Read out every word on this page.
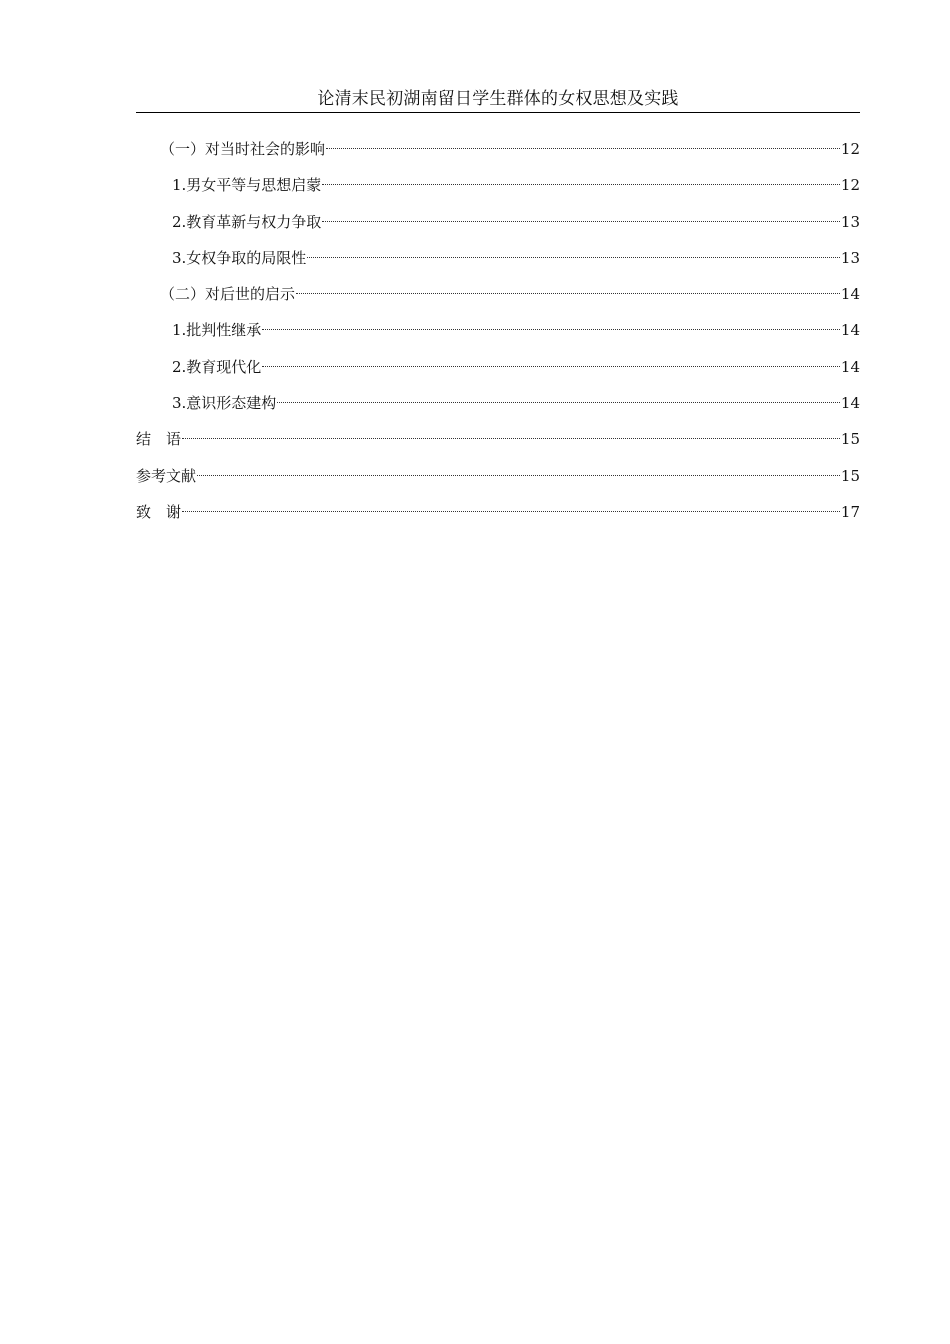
论清末民初湖南留日学生群体的女权思想及实践
（一）对当时社会的影响	12
1.男女平等与思想启蒙	12
2.教育革新与权力争取	13
3.女权争取的局限性	13
（二）对后世的启示	14
1.批判性继承	14
2.教育现代化	14
3.意识形态建构	14
结　语	15
参考文献	15
致　谢	17
